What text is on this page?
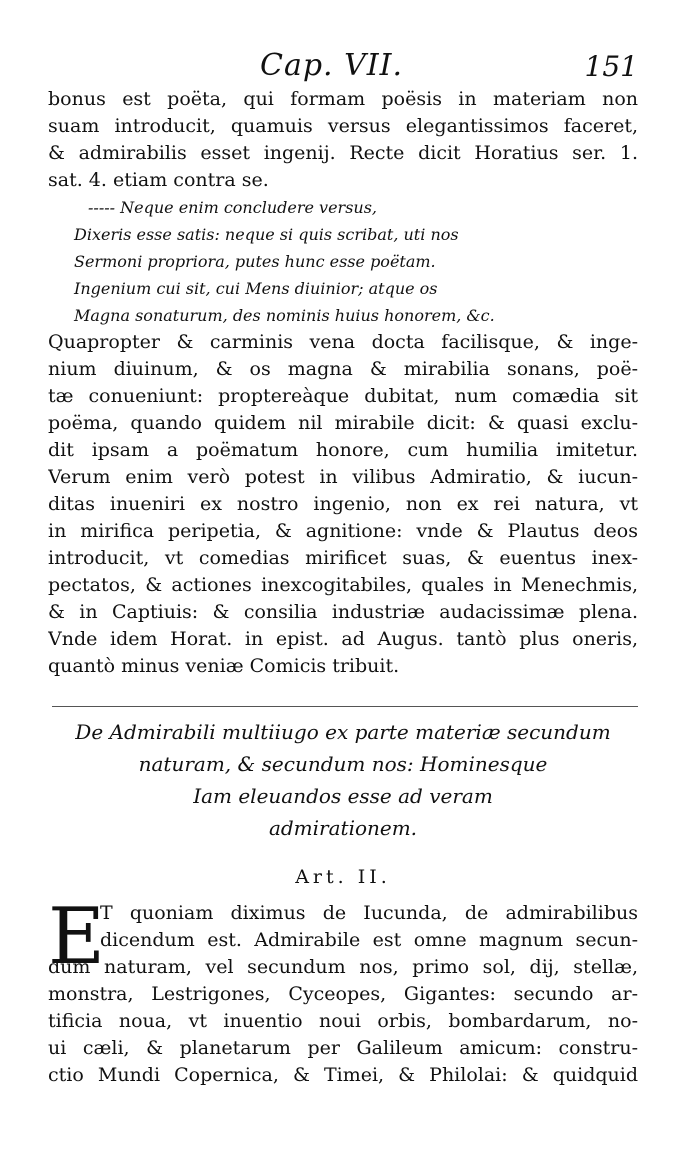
Cap. VII.	151
bonus est poëta, qui formam poësis in materiam non
suam introducit, quamuis versus elegantissimos faceret,
& admirabilis esset ingenij. Recte dicit Horatius ser. 1.
sat. 4. etiam contra se.
----- Neque enim concludere versus,
Dixeris esse satis: neque si quis scribat, uti nos
Sermoni propriora, putes hunc esse poëtam.
Ingenium cui sit, cui Mens diuinior; atque os
Magna sonaturum, des nominis huius honorem, &c.
Quapropter & carminis vena docta facilisque, & inge-
nium diuinum, & os magna & mirabilia sonans, poë-
tæ conueniunt: proptereàque dubitat, num comædia sit
poëma, quando quidem nil mirabile dicit: & quasi exclu-
dit ipsam a poëmatum honore, cum humilia imitetur.
Verum enim verò potest in vilibus Admiratio, & iucun-
ditas inueniri ex nostro ingenio, non ex rei natura, vt
in mirifica peripetia, & agnitione: vnde & Plautus deos
introducit, vt comedias mirificet suas, & euentus inex-
pectatos, & actiones inexcogitabiles, quales in Menechmis,
& in Captiuis: & consilia industriæ audacissimæ plena.
Vnde idem Horat. in epist. ad Augus. tantò plus oneris,
quantò minus veniæ Comicis tribuit.
De Admirabili multiiugo ex parte materiæ secundum
naturam, & secundum nos: Hominesque
Iam eleuandos esse ad veram
admirationem.
Art. II.
E
T quoniam diximus de Iucunda, de admirabilibus
dicendum est. Admirabile est omne magnum secun-
dum naturam, vel secundum nos, primo sol, dij, stellæ,
monstra, Lestrigones, Cyceopes, Gigantes: secundo ar-
tificia noua, vt inuentio noui orbis, bombardarum, no-
ui cæli, & planetarum per Galileum amicum: constru-
ctio Mundi Copernica, & Timei, & Philolai: & quidquid
